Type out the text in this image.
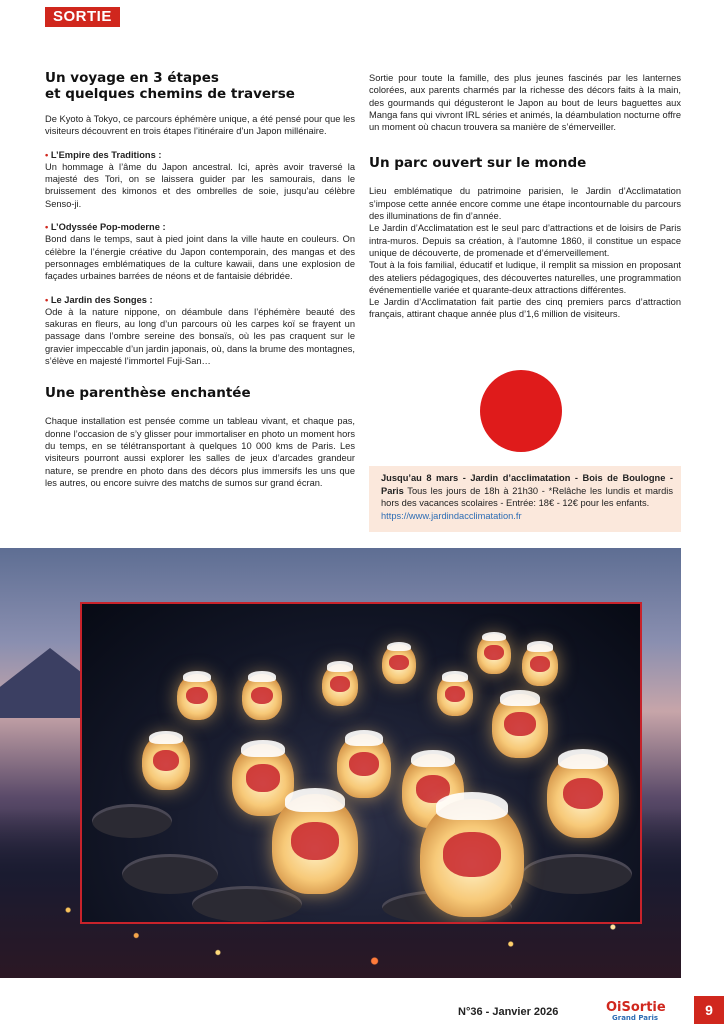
SORTIE
Un voyage en 3 étapes
et quelques chemins de traverse

De Kyoto à Tokyo, ce parcours éphémère unique, a été pensé pour que les visiteurs découvrent en trois étapes l’itinéraire d’un Japon millénaire.

• L’Empire des Traditions :
Un hommage à l’âme du Japon ancestral. Ici, après avoir traversé la majesté des Tori, on se laissera guider par les samourais, dans le bruissement des kimonos et des ombrelles de soie, jusqu’au célèbre Senso-ji.
• L’Odyssée Pop-moderne :
Bond dans le temps, saut à pied joint dans la ville haute en couleurs. On célèbre la l’énergie créative du Japon contemporain, des mangas et des personnages emblématiques de la culture kawaii, dans une explosion de façades urbaines barrées de néons et de fantaisie débridée.
• Le Jardin des Songes :
Ode à la nature nippone, on déambule dans l’éphémère beauté des sakuras en fleurs, au long d’un parcours où les carpes koï se frayent un passage dans l’ombre sereine des bonsaïs, où les pas craquent sur le gravier impeccable d’un jardin japonais, où, dans la brume des montagnes, s’élève en majesté l’immortel Fuji-San…
Une parenthèse enchantée

Chaque installation est pensée comme un tableau vivant, et chaque pas, donne l’occasion de s’y glisser pour immortaliser en photo un moment hors du temps, en se télétransportant à quelques 10 000 kms de Paris. Les visiteurs pourront aussi explorer les salles de jeux d’arcades grandeur nature, se prendre en photo dans des décors plus immersifs les uns que les autres, ou encore suivre des matchs de sumos sur grand écran.

Sortie pour toute la famille, des plus jeunes fascinés par les lanternes colorées, aux parents charmés par la richesse des décors faits à la main, des gourmands qui dégusteront le Japon au bout de leurs baguettes aux Manga fans qui vivront IRL séries et animés, la déambulation nocturne offre un moment où chacun trouvera sa manière de s’émerveiller.

Un parc ouvert sur le monde

Lieu emblématique du patrimoine parisien, le Jardin d’Acclimatation s’impose cette année encore comme une étape incontournable du parcours des illuminations de fin d’année.

Le Jardin d’Acclimatation est le seul parc d’attractions et de loisirs de Paris intra-muros. Depuis sa création, à l’automne 1860, il constitue un espace unique de découverte, de promenade et d’émerveillement.

Tout à la fois familial, éducatif et ludique, il remplit sa mission en proposant des ateliers pédagogiques, des découvertes naturelles, une programmation événementielle variée et quarante-deux attractions différentes.

Le Jardin d’Acclimatation fait partie des cinq premiers parcs d’attraction français, attirant chaque année plus d’1,6 million de visiteurs.

Jusqu’au 8 mars - Jardin d’acclimatation - Bois de Boulogne - Paris Tous les jours de 18h à 21h30 - *Relâche les lundis et mardis hors des vacances scolaires - Entrée: 18€ - 12€ pour les enfants.
https://www.jardindacclimatation.fr
N°36 - Janvier 2026	OiSortie
Grand Paris	9
